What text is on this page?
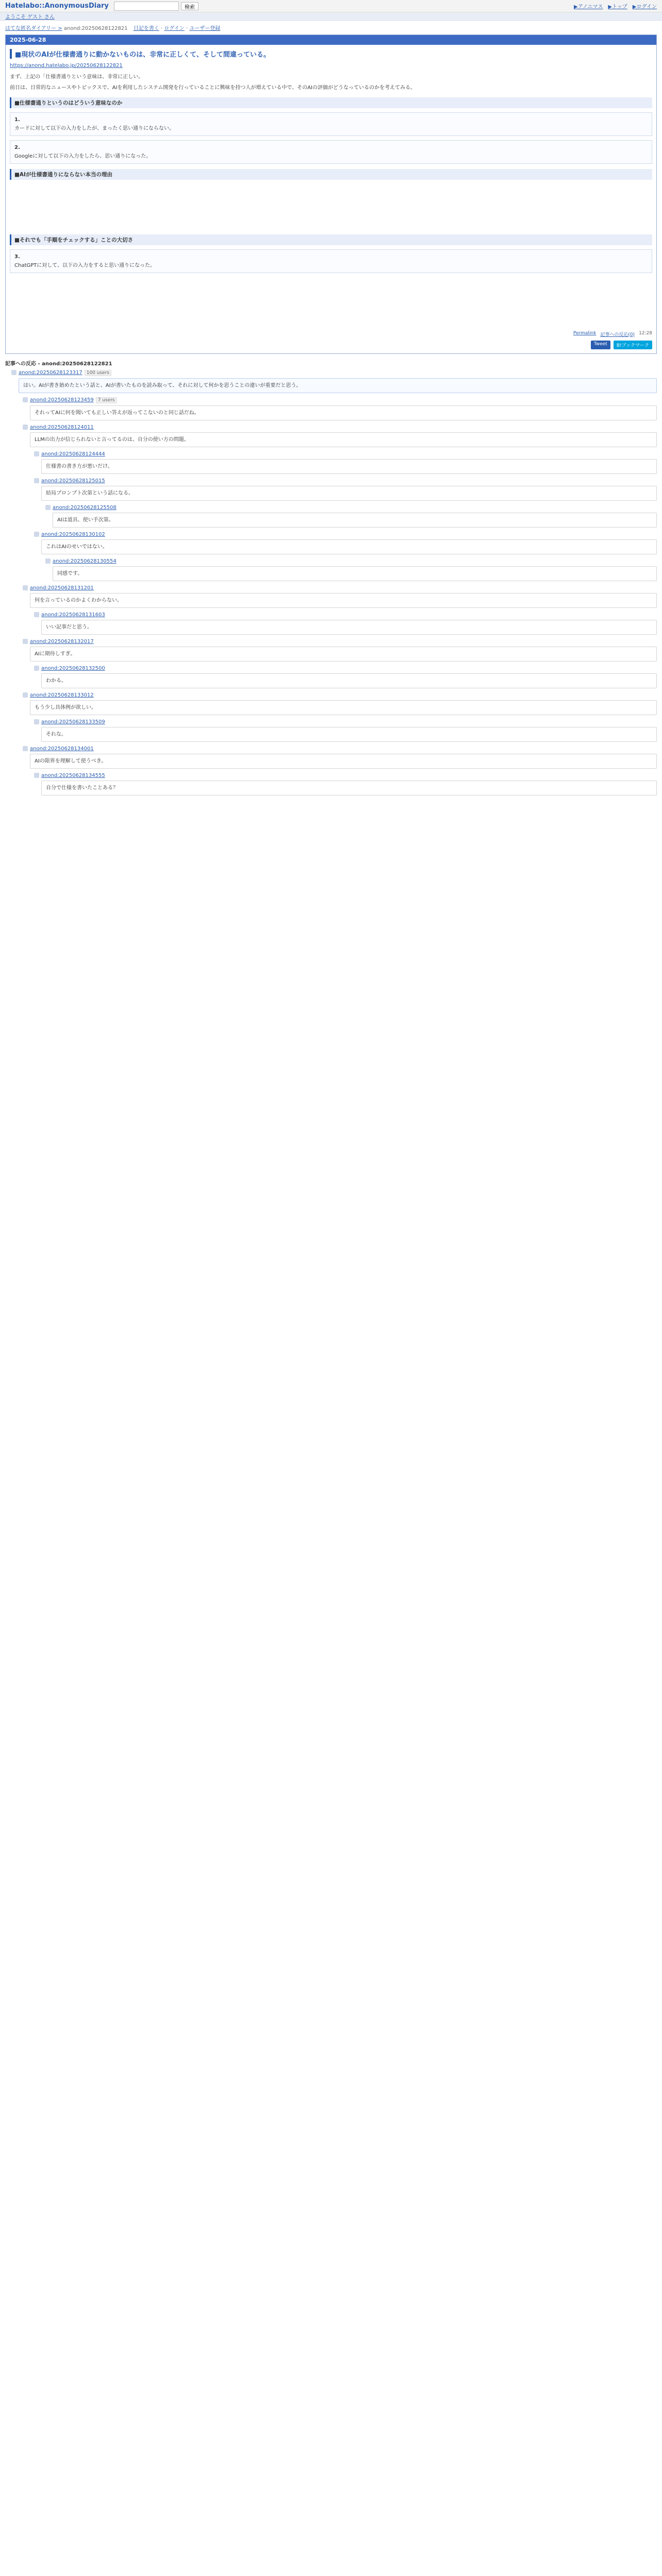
Hatelabo::AnonymousDiary	検索	▶アノニマス ▶トップ ▶ログイン
ようこそ ゲスト さん
はてな匿名ダイアリー > anond:20250628122821 日記を書く · ログイン · ユーザー登録
2025-06-28
■現状のAIが仕様書通りに動かないものは、非常に正しくて、そして間違っている。
https://anond.hatelabo.jp/20250628122821
まず、上記の「仕様書通りという意味は、非常に正しい。
前日は、日常的なニュースやトピックスで、AIを利用したシステム開発を行っていることに興味を持つ人が増えている中で、そのAIの評価がどうなっているのかを考えてみる。
■仕様書通りというのはどういう意味なのか
1.
カードに対して以下の入力をしたが、まったく思い通りにならない。
2.
Googleに対して以下の入力をしたら、思い通りになった。
■AIが仕様書通りにならない本当の理由
■それでも「手順をチェックする」ことの大切さ
3.
ChatGPTに対して、以下の入力をすると思い通りになった。
Permalink 記事への反応(0) 12:28
Tweet	B!ブックマーク
記事への反応 - anond:20250628122821
anond:20250628123317 100 users
はい。AIが書き始めたという話と、AIが書いたものを読み取って、それに対して何かを思うことの違いが重要だと思う。
anond:20250628123459 7 users
それってAIに何を聞いても正しい答えが返ってこないのと同じ話だね。
anond:20250628124011
LLMの出力が信じられないと言ってるのは、自分の使い方の問題。
anond:20250628124444
仕様書の書き方が悪いだけ。
anond:20250628125015
結局プロンプト次第という話になる。
anond:20250628125508
AIは道具、使い手次第。
anond:20250628130102
これはAIのせいではない。
anond:20250628130554
同感です。
anond:20250628131201
何を言っているのかよくわからない。
anond:20250628131603
いい記事だと思う。
anond:20250628132017
AIに期待しすぎ。
anond:20250628132500
わかる。
anond:20250628133012
もう少し具体例が欲しい。
anond:20250628133509
それな。
anond:20250628134001
AIの限界を理解して使うべき。
anond:20250628134555
自分で仕様を書いたことある？
